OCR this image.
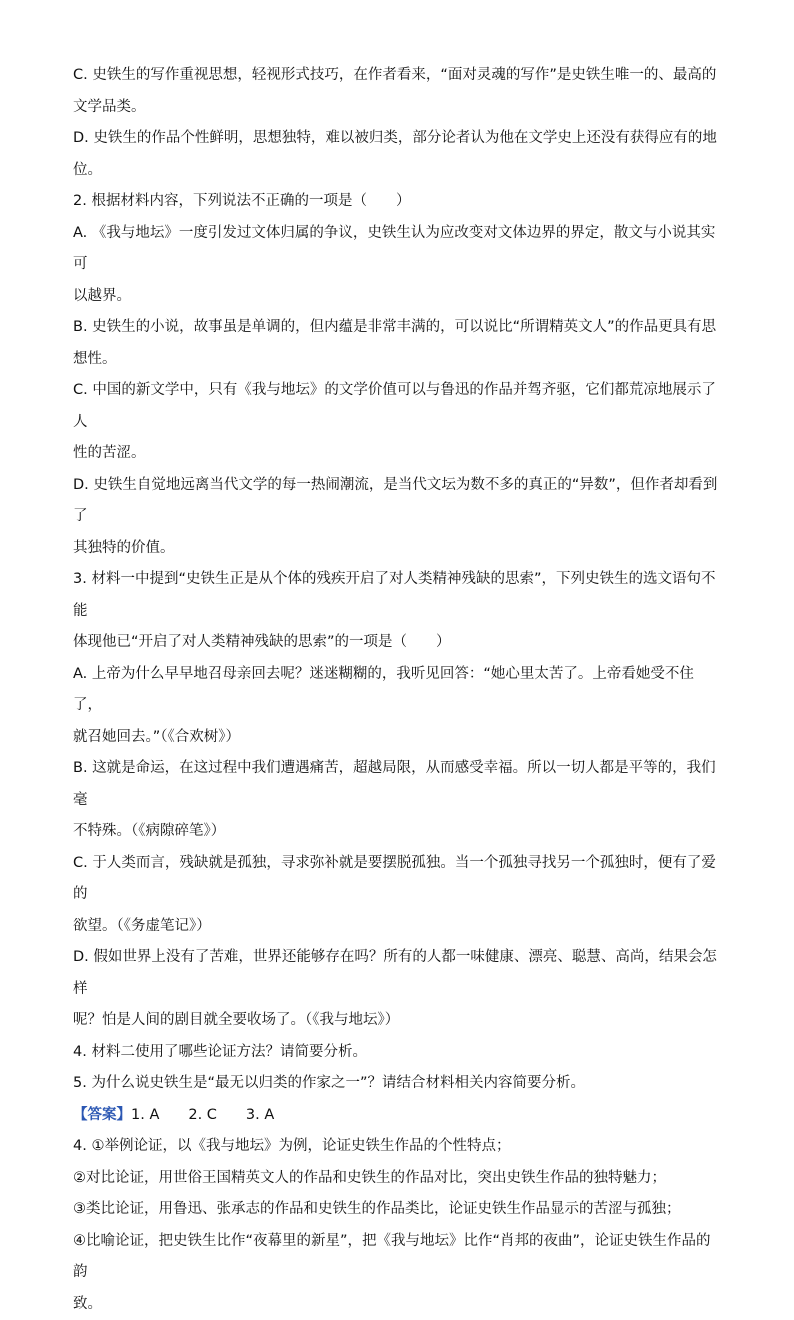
C. 史铁生的写作重视思想，轻视形式技巧，在作者看来，“面对灵魂的写作”是史铁生唯一的、最高的

文学品类。

D. 史铁生的作品个性鲜明，思想独特，难以被归类，部分论者认为他在文学史上还没有获得应有的地

位。

2. 根据材料内容，下列说法不正确的一项是（　　）

A. 《我与地坛》一度引发过文体归属的争议，史铁生认为应改变对文体边界的界定，散文与小说其实可

以越界。

B. 史铁生的小说，故事虽是单调的，但内蕴是非常丰满的，可以说比“所谓精英文人”的作品更具有思

想性。

C. 中国的新文学中，只有《我与地坛》的文学价值可以与鲁迅的作品并驾齐驱，它们都荒凉地展示了人

性的苦涩。

D. 史铁生自觉地远离当代文学的每一热闹潮流，是当代文坛为数不多的真正的“异数”，但作者却看到了

其独特的价值。

3. 材料一中提到“史铁生正是从个体的残疾开启了对人类精神残缺的思索”，下列史铁生的选文语句不能

体现他已“开启了对人类精神残缺的思索”的一项是（　　）

A. 上帝为什么早早地召母亲回去呢？迷迷糊糊的，我听见回答：“她心里太苦了。上帝看她受不住了，

就召她回去。”（《合欢树》）

B. 这就是命运，在这过程中我们遭遇痛苦，超越局限，从而感受幸福。所以一切人都是平等的，我们毫

不特殊。（《病隙碎笔》）

C. 于人类而言，残缺就是孤独，寻求弥补就是要摆脱孤独。当一个孤独寻找另一个孤独时，便有了爱的

欲望。（《务虚笔记》）

D. 假如世界上没有了苦难，世界还能够存在吗？所有的人都一味健康、漂亮、聪慧、高尚，结果会怎样

呢？怕是人间的剧目就全要收场了。（《我与地坛》）

4. 材料二使用了哪些论证方法？请简要分析。

5. 为什么说史铁生是“最无以归类的作家之一”？请结合材料相关内容简要分析。

【答案】1. A　　2. C　　3. A

4. ①举例论证，以《我与地坛》为例，论证史铁生作品的个性特点；

②对比论证，用世俗王国精英文人的作品和史铁生的作品对比，突出史铁生作品的独特魅力；

③类比论证，用鲁迅、张承志的作品和史铁生的作品类比，论证史铁生作品显示的苦涩与孤独；

④比喻论证，把史铁生比作“夜幕里的新星”，把《我与地坛》比作“肖邦的夜曲”，论证史铁生作品的韵

致。
